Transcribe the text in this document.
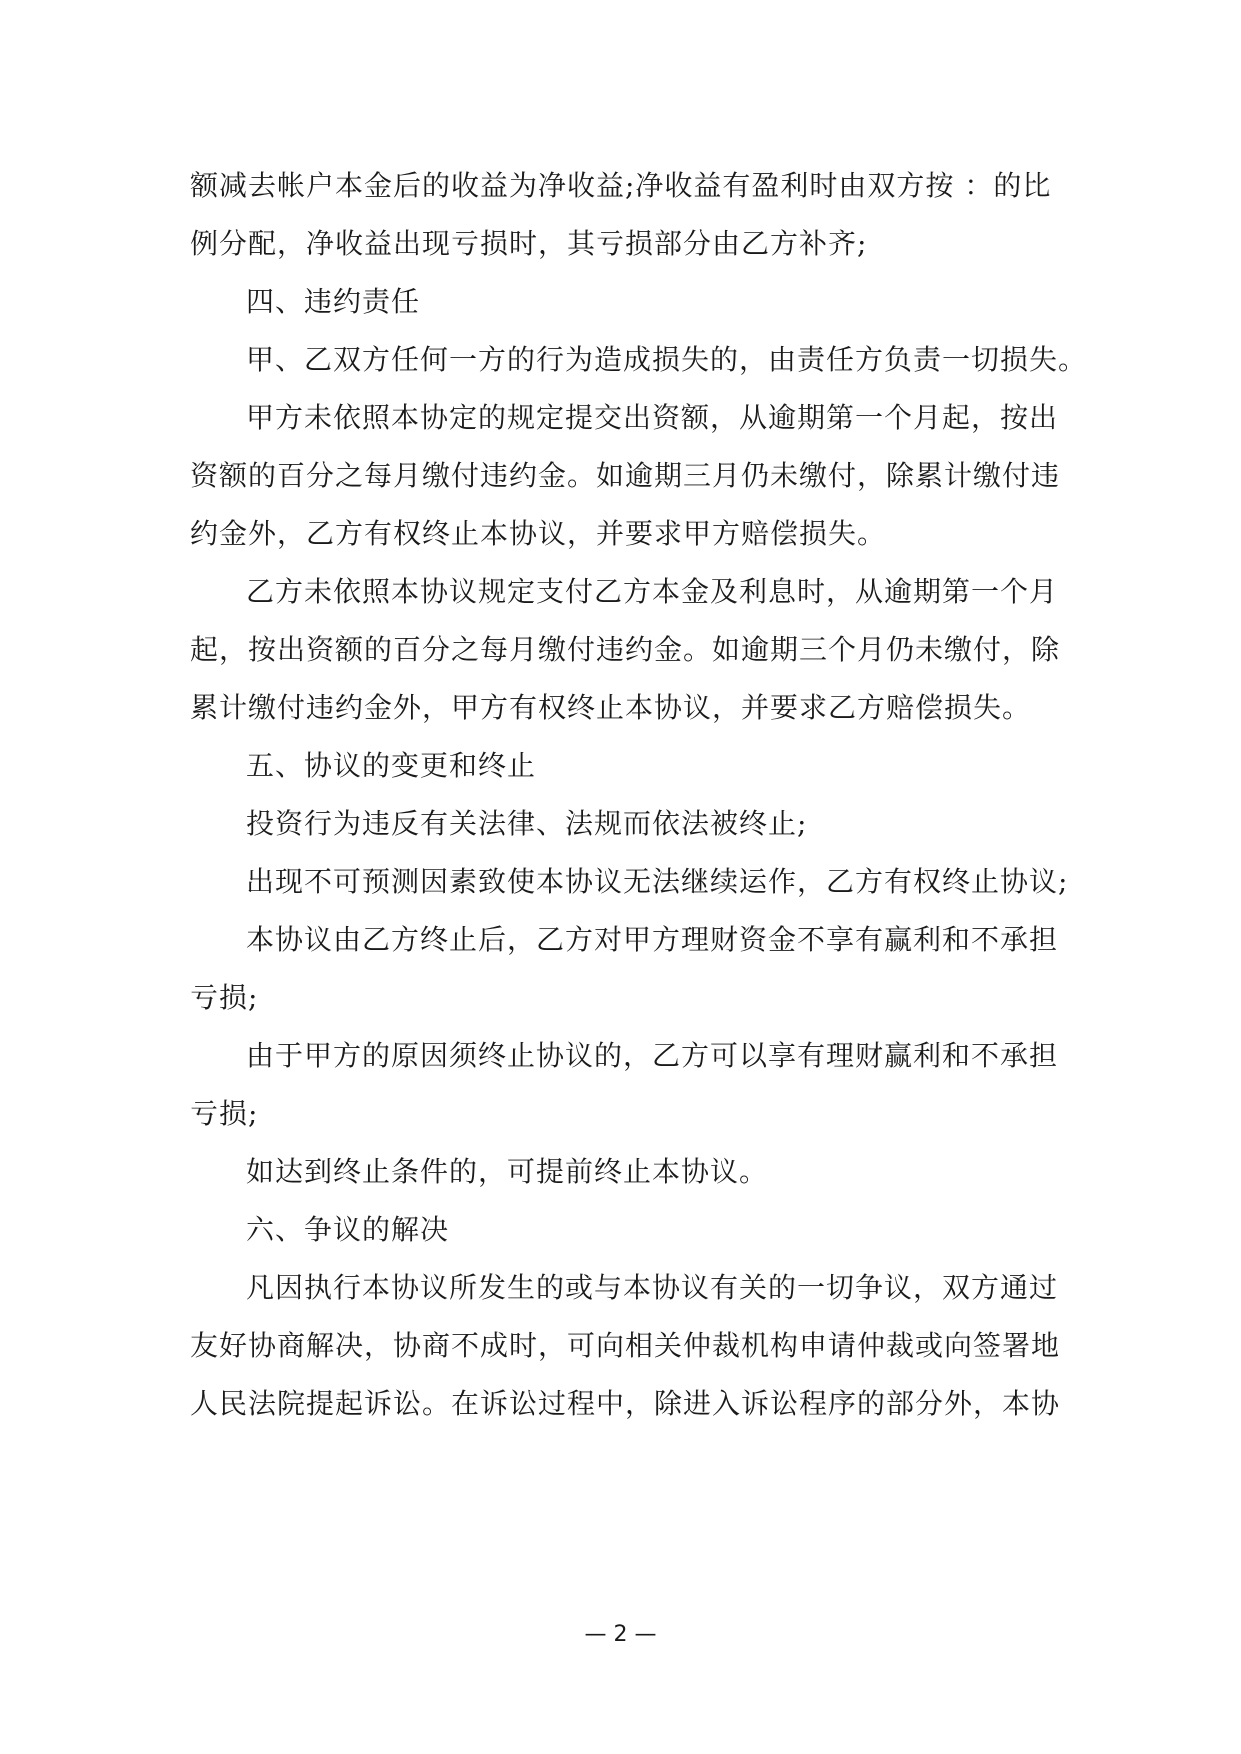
额减去帐户本金后的收益为净收益;净收益有盈利时由双方按 ：的比
例分配，净收益出现亏损时，其亏损部分由乙方补齐;
四、违约责任
甲、乙双方任何一方的行为造成损失的，由责任方负责一切损失。
甲方未依照本协定的规定提交出资额，从逾期第一个月起，按出
资额的百分之每月缴付违约金。如逾期三月仍未缴付，除累计缴付违
约金外，乙方有权终止本协议，并要求甲方赔偿损失。
乙方未依照本协议规定支付乙方本金及利息时，从逾期第一个月
起，按出资额的百分之每月缴付违约金。如逾期三个月仍未缴付，除
累计缴付违约金外，甲方有权终止本协议，并要求乙方赔偿损失。
五、协议的变更和终止
投资行为违反有关法律、法规而依法被终止;
出现不可预测因素致使本协议无法继续运作，乙方有权终止协议;
本协议由乙方终止后，乙方对甲方理财资金不享有赢利和不承担
亏损;
由于甲方的原因须终止协议的，乙方可以享有理财赢利和不承担
亏损;
如达到终止条件的，可提前终止本协议。
六、争议的解决
凡因执行本协议所发生的或与本协议有关的一切争议，双方通过
友好协商解决，协商不成时，可向相关仲裁机构申请仲裁或向签署地
人民法院提起诉讼。在诉讼过程中，除进入诉讼程序的部分外，本协
— 2 —
